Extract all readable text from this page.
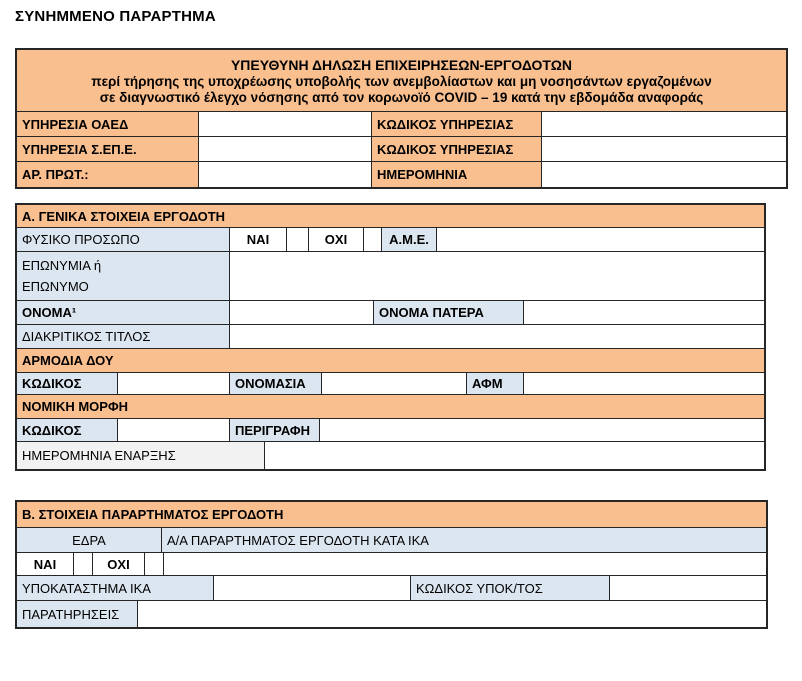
ΣΥΝΗΜΜΕΝΟ ΠΑΡΑΡΤΗΜΑ
ΥΠΕΥΘΥΝΗ ΔΗΛΩΣΗ ΕΠΙΧΕΙΡΗΣΕΩΝ-ΕΡΓΟΔΟΤΩΝ
περί τήρησης της υποχρέωσης υποβολής των ανεμβολίαστων και μη νοσησάντων εργαζομένων
σε διαγνωστικό έλεγχο νόσησης από τον κορωνοϊό COVID – 19 κατά την εβδομάδα αναφοράς
ΥΠΗΡΕΣΙΑ ΟΑΕΔ	ΚΩΔΙΚΟΣ ΥΠΗΡΕΣΙΑΣ
ΥΠΗΡΕΣΙΑ Σ.ΕΠ.Ε.	ΚΩΔΙΚΟΣ ΥΠΗΡΕΣΙΑΣ
ΑΡ. ΠΡΩΤ.:	ΗΜΕΡΟΜΗΝΙΑ
Α. ΓΕΝΙΚΑ ΣΤΟΙΧΕΙΑ ΕΡΓΟΔΟΤΗ
ΦΥΣΙΚΟ ΠΡΟΣΩΠΟ	ΝΑΙ	ΟΧΙ	Α.Μ.Ε.
ΕΠΩΝΥΜΙΑ ή
ΕΠΩΝΥΜΟ
ΟΝΟΜΑ¹	ΟΝΟΜΑ ΠΑΤΕΡΑ
ΔΙΑΚΡΙΤΙΚΟΣ ΤΙΤΛΟΣ
ΑΡΜΟΔΙΑ ΔΟΥ
ΚΩΔΙΚΟΣ	ΟΝΟΜΑΣΙΑ	ΑΦΜ
ΝΟΜΙΚΗ ΜΟΡΦΗ
ΚΩΔΙΚΟΣ	ΠΕΡΙΓΡΑΦΗ
ΗΜΕΡΟΜΗΝΙΑ ΕΝΑΡΞΗΣ
Β. ΣΤΟΙΧΕΙΑ ΠΑΡΑΡΤΗΜΑΤΟΣ ΕΡΓΟΔΟΤΗ
ΕΔΡΑ	Α/Α ΠΑΡΑΡΤΗΜΑΤΟΣ ΕΡΓΟΔΟΤΗ ΚΑΤΑ ΙΚΑ
ΝΑΙ	ΟΧΙ
ΥΠΟΚΑΤΑΣΤΗΜΑ ΙΚΑ	ΚΩΔΙΚΟΣ ΥΠΟΚ/ΤΟΣ
ΠΑΡΑΤΗΡΗΣΕΙΣ
